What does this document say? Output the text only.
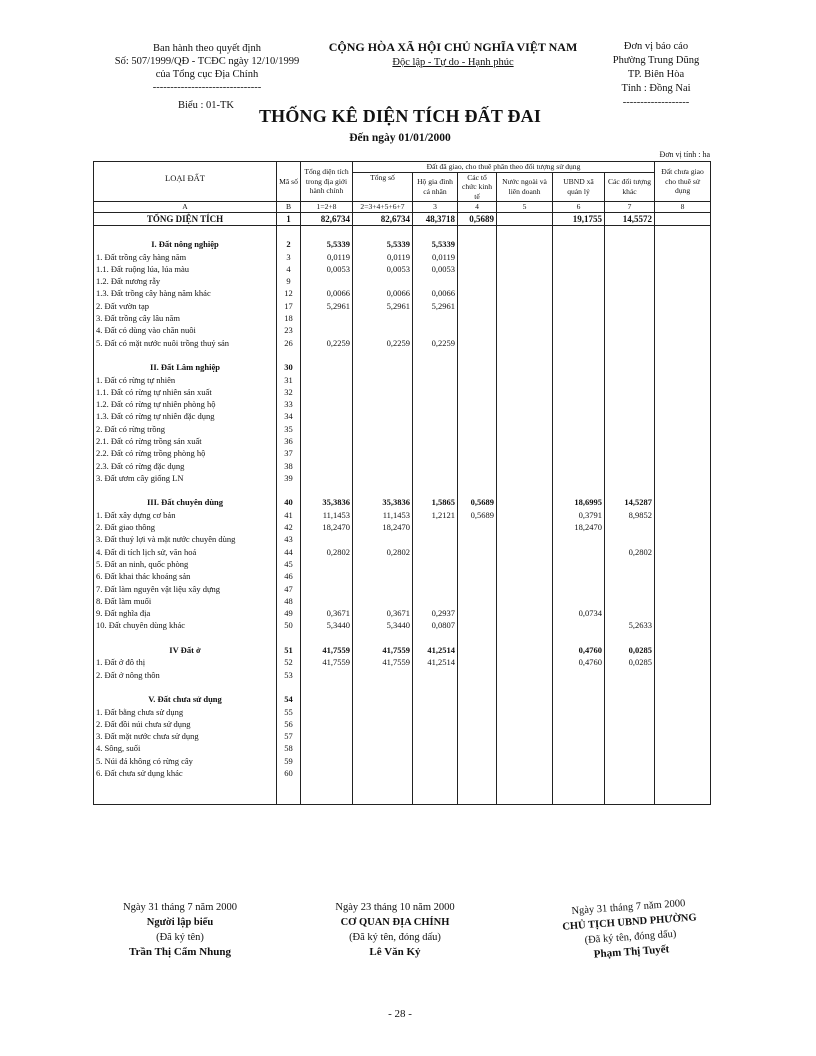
Ban hành theo quyết định
Số: 507/1999/QĐ - TCĐC ngày 12/10/1999
của Tổng cục Địa Chính
-------------------------------
CỘNG HÒA XÃ HỘI CHỦ NGHĨA VIỆT NAM
Độc lập - Tự do - Hạnh phúc
Đơn vị báo cáo
Phường Trung Dũng
TP. Biên Hòa
Tỉnh : Đồng Nai
-------------------
Biểu : 01-TK
THỐNG KÊ DIỆN TÍCH ĐẤT ĐAI
Đến ngày 01/01/2000
Đơn vị tính : ha
LOẠI ĐẤT	Mã số	Tổng diện tích trong địa giới hành chính	Đất đã giao, cho thuê phân theo đối tượng sử dụng						Đất chưa giao cho thuê sử dụng
			Tổng số	Hộ gia đình cá nhân	Các tổ chức kinh tế	Nước ngoài và liên doanh	UBND xã quản lý	Các đối tượng khác	
A	B	1=2+8	2=3+4+5+6+7	3	4	5	6	7	8
TỔNG DIỆN TÍCH	1	82,6734	82,6734	48,3718	0,5689		19,1755	14,5572	

I. Đất nông nghiệp	2	5,5339	5,5339	5,5339					
1. Đất trồng cây hàng năm	3	0,0119	0,0119	0,0119					
1.1. Đất ruộng lúa, lúa màu	4	0,0053	0,0053	0,0053					
1.2. Đất nương rẫy	9								
1.3. Đất trồng cây hàng năm khác	12	0,0066	0,0066	0,0066					
2. Đất vườn tạp	17	5,2961	5,2961	5,2961					
3. Đất trồng cây lâu năm	18								
4. Đất cỏ dùng vào chăn nuôi	23								
5. Đất có mặt nước nuôi trồng thuỷ sản	26	0,2259	0,2259	0,2259					

II. Đất Lâm nghiệp	30								
1. Đất có rừng tự nhiên	31								
1.1. Đất có rừng tự nhiên sản xuất	32								
1.2. Đất có rừng tự nhiên phòng hộ	33								
1.3. Đất có rừng tự nhiên đặc dụng	34								
2. Đất có rừng trồng	35								
2.1. Đất có rừng trồng sản xuất	36								
2.2. Đất có rừng trồng phòng hộ	37								
2.3. Đất có rừng đặc dụng	38								
3. Đất ươm cây giống LN	39								

III. Đất chuyên dùng	40	35,3836	35,3836	1,5865	0,5689		18,6995	14,5287	
1. Đất xây dựng cơ bản	41	11,1453	11,1453	1,2121	0,5689		0,3791	8,9852	
2. Đất giao thông	42	18,2470	18,2470				18,2470		
3. Đất thuỷ lợi và mặt nước chuyên dùng	43								
4. Đất di tích lịch sử, văn hoá	44	0,2802	0,2802					0,2802	
5. Đất an ninh, quốc phòng	45								
6. Đất khai thác khoáng sản	46								
7. Đất làm nguyên vật liệu xây dựng	47								
8. Đất làm muối	48								
9. Đất nghĩa địa	49	0,3671	0,3671	0,2937			0,0734		
10. Đất chuyên dùng khác	50	5,3440	5,3440	0,0807				5,2633	

IV Đất ở	51	41,7559	41,7559	41,2514			0,4760	0,0285	
1. Đất ở đô thị	52	41,7559	41,7559	41,2514			0,4760	0,0285	
2. Đất ở nông thôn	53								

V. Đất chưa sử dụng	54								
1. Đất bằng chưa sử dụng	55								
2. Đất đồi núi chưa sử dụng	56								
3. Đất mặt nước chưa sử dụng	57								
4. Sông, suối	58								
5. Núi đá không có rừng cây	59								
6. Đất chưa sử dụng khác	60								

Ngày 31 tháng 7 năm 2000
Người lập biểu
(Đã ký tên)
Trần Thị Cẩm Nhung
Ngày 23 tháng 10 năm 2000
CƠ QUAN ĐỊA CHÍNH
(Đã ký tên, đóng dấu)
Lê Văn Kỷ
Ngày 31 tháng 7 năm 2000
CHỦ TỊCH UBND PHƯỜNG
(Đã ký tên, đóng dấu)
Phạm Thị Tuyết
- 28 -
